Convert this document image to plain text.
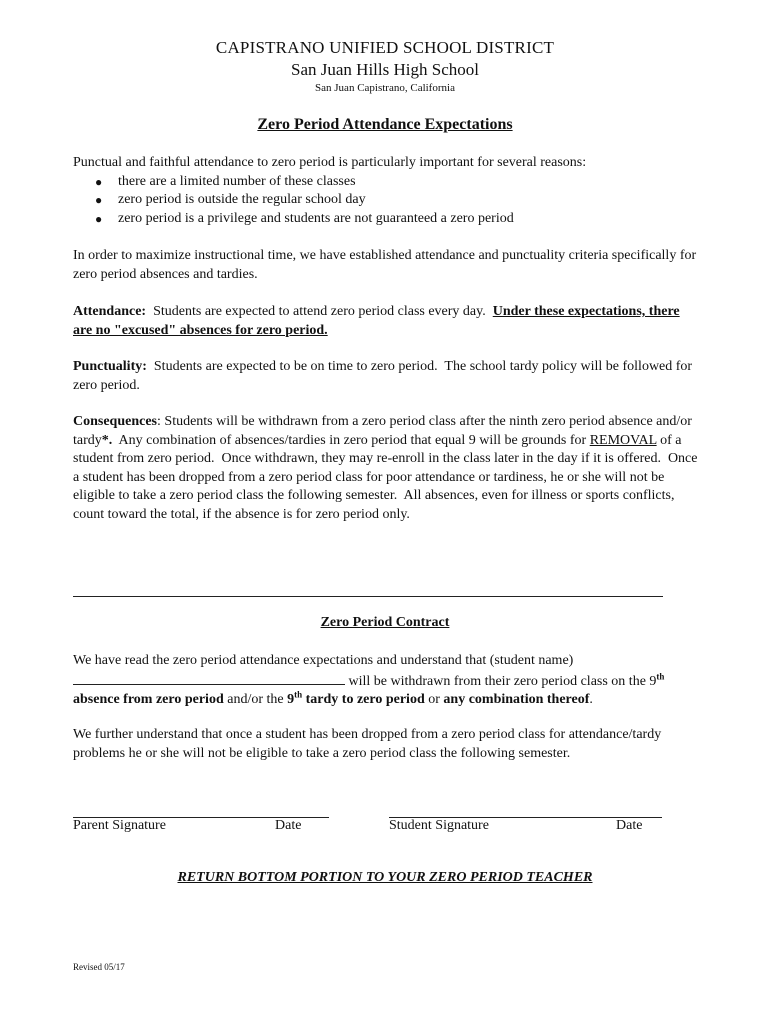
CAPISTRANO UNIFIED SCHOOL DISTRICT
San Juan Hills High School
San Juan Capistrano, California
Zero Period Attendance Expectations
Punctual and faithful attendance to zero period is particularly important for several reasons:
● there are a limited number of these classes
● zero period is outside the regular school day
● zero period is a privilege and students are not guaranteed a zero period
In order to maximize instructional time, we have established attendance and punctuality criteria specifically for zero period absences and tardies.
Attendance:  Students are expected to attend zero period class every day.  Under these expectations, there are no "excused" absences for zero period.
Punctuality:  Students are expected to be on time to zero period.  The school tardy policy will be followed for zero period.
Consequences: Students will be withdrawn from a zero period class after the ninth zero period absence and/or tardy*.  Any combination of absences/tardies in zero period that equal 9 will be grounds for REMOVAL of a student from zero period.  Once withdrawn, they may re-enroll in the class later in the day if it is offered.  Once a student has been dropped from a zero period class for poor attendance or tardiness, he or she will not be eligible to take a zero period class the following semester.  All absences, even for illness or sports conflicts, count toward the total, if the absence is for zero period only.
Zero Period Contract
We have read the zero period attendance expectations and understand that (student name)  will be withdrawn from their zero period class on the 9th absence from zero period and/or the 9th tardy to zero period or any combination thereof.
We further understand that once a student has been dropped from a zero period class for attendance/tardy problems he or she will not be eligible to take a zero period class the following semester.
Parent Signature	Date	Student Signature	Date
RETURN BOTTOM PORTION TO YOUR ZERO PERIOD TEACHER
Revised 05/17
